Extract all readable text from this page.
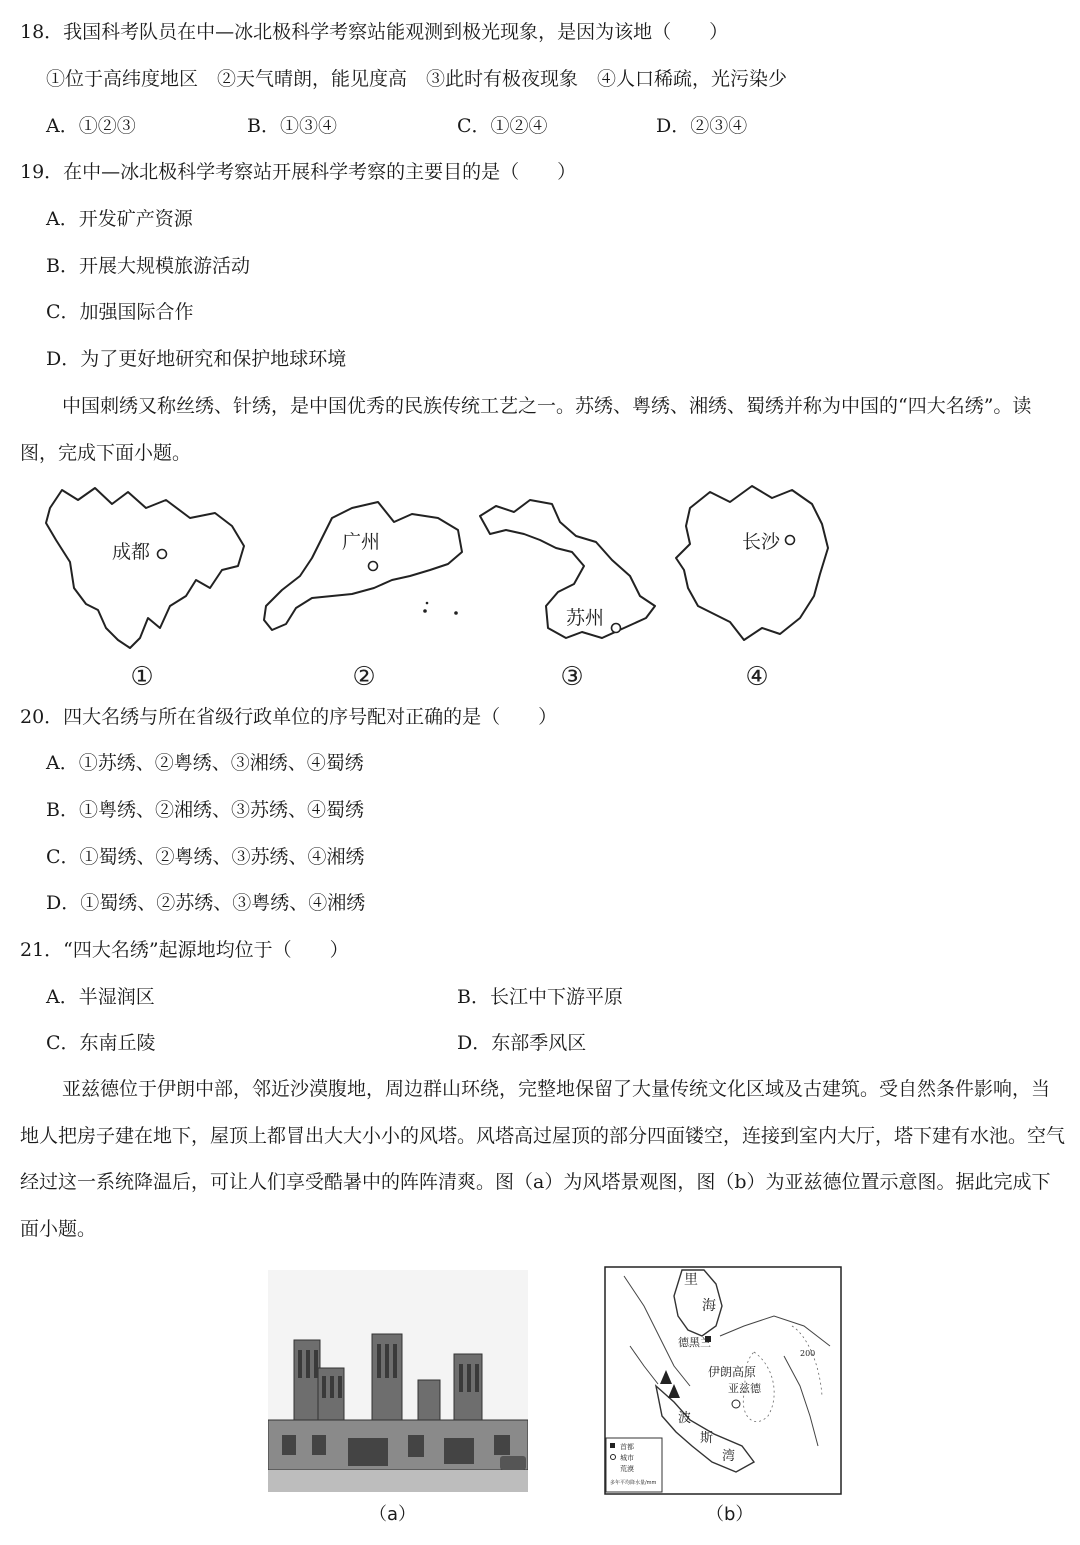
18．我国科考队员在中—冰北极科学考察站能观测到极光现象，是因为该地（　　）
①位于高纬度地区　②天气晴朗，能见度高　③此时有极夜现象　④人口稀疏，光污染少
A．①②③	B．①③④	C．①②④	D．②③④
19．在中—冰北极科学考察站开展科学考察的主要目的是（　　）
A．开发矿产资源
B．开展大规模旅游活动
C．加强国际合作
D．为了更好地研究和保护地球环境
中国刺绣又称丝绣、针绣，是中国优秀的民族传统工艺之一。苏绣、粤绣、湘绣、蜀绣并称为中国的“四大名绣”。读图，完成下面小题。
成都	广州
苏州
长沙
①	②	③	④
20．四大名绣与所在省级行政单位的序号配对正确的是（　　）
A．①苏绣、②粤绣、③湘绣、④蜀绣
B．①粤绣、②湘绣、③苏绣、④蜀绣
C．①蜀绣、②粤绣、③苏绣、④湘绣
D．①蜀绣、②苏绣、③粤绣、④湘绣
21．“四大名绣”起源地均位于（　　）
A．半湿润区	B．长江中下游平原
C．东南丘陵	D．东部季风区
亚兹德位于伊朗中部，邻近沙漠腹地，周边群山环绕，完整地保留了大量传统文化区域及古建筑。受自然条件影响，当地人把房子建在地下，屋顶上都冒出大大小小的风塔。风塔高过屋顶的部分四面镂空，连接到室内大厅，塔下建有水池。空气经过这一系统降温后，可让人们享受酷暑中的阵阵清爽。图（a）为风塔景观图，图（b）为亚兹德位置示意图。据此完成下面小题。
（a）
首都
城市
荒漠
多年平均降水量/mm
里
海
德黑兰
伊朗高原
亚兹德
波
斯
湾
200
（b）
